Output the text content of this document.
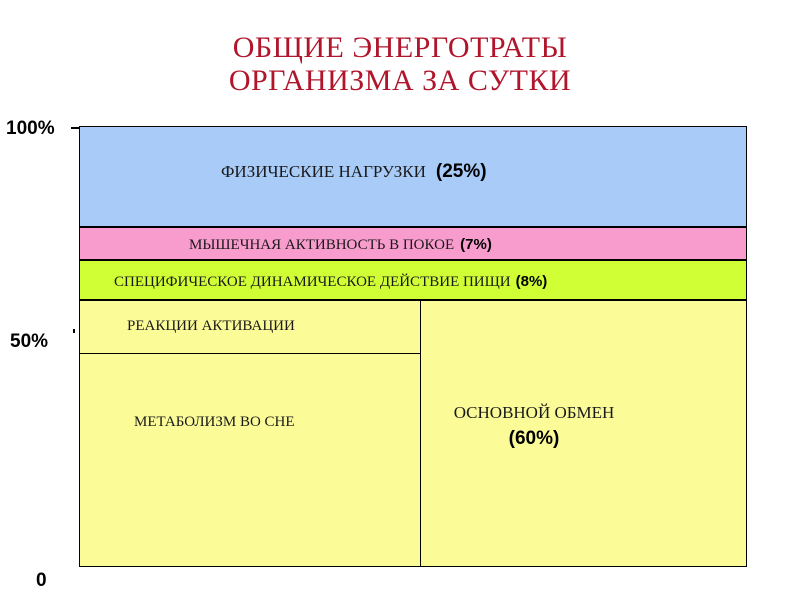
ОБЩИЕ ЭНЕРГОТРАТЫ
ОРГАНИЗМА ЗА СУТКИ
100%
50%
0
ФИЗИЧЕСКИЕ НАГРУЗКИ (25%)
МЫШЕЧНАЯ АКТИВНОСТЬ В ПОКОЕ (7%)
СПЕЦИФИЧЕСКОЕ ДИНАМИЧЕСКОЕ ДЕЙСТВИЕ ПИЩИ (8%)
РЕАКЦИИ АКТИВАЦИИ
МЕТАБОЛИЗМ ВО СНЕ	ОСНОВНОЙ ОБМЕН
(60%)
